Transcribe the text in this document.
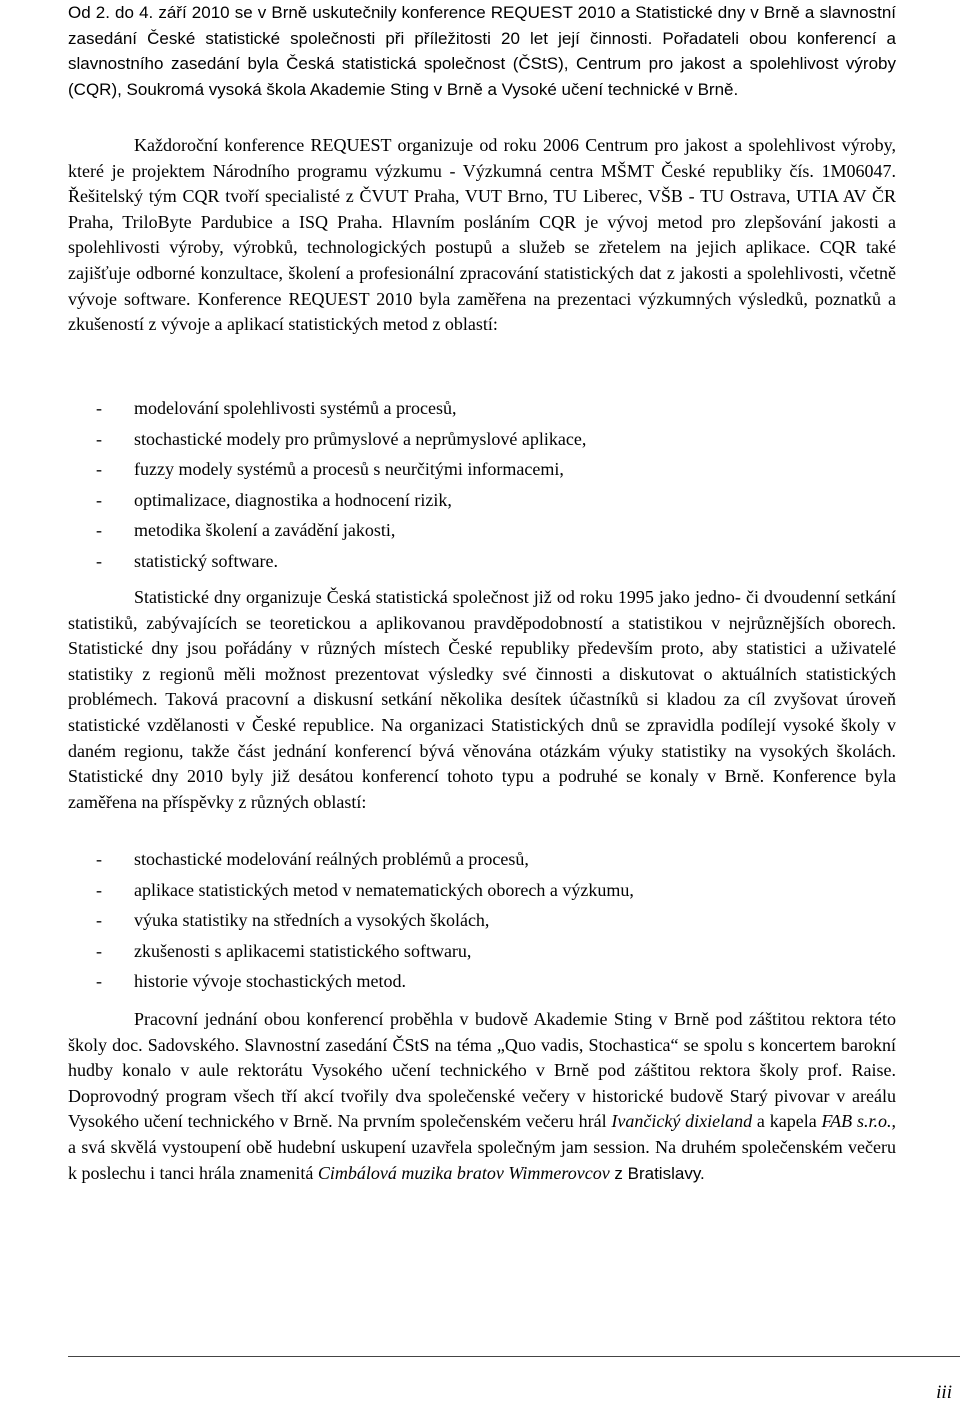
Od 2. do 4. září 2010 se v Brně uskutečnily konference REQUEST 2010 a Statistické dny v Brně a slavnostní zasedání České statistické společnosti při příležitosti 20 let její činnosti. Pořadateli obou konferencí a slavnostního zasedání byla Česká statistická společnost (ČStS), Centrum pro jakost a spolehlivost výroby (CQR), Soukromá vysoká škola Akademie Sting v Brně a Vysoké učení technické v Brně.

Každoroční konference REQUEST organizuje od roku 2006 Centrum pro jakost a spolehlivost výroby, které je projektem Národního programu výzkumu - Výzkumná centra MŠMT České republiky čís. 1M06047. Řešitelský tým CQR tvoří specialisté z ČVUT Praha, VUT Brno, TU Liberec, VŠB - TU Ostrava, UTIA AV ČR Praha, TriloByte Pardubice a ISQ Praha. Hlavním posláním CQR je vývoj metod pro zlepšování jakosti a spolehlivosti výroby, výrobků, technologických postupů a služeb se zřetelem na jejich aplikace. CQR také zajišťuje odborné konzultace, školení a profesionální zpracování statistických dat z jakosti a spolehlivosti, včetně vývoje software. Konference REQUEST 2010 byla zaměřena na prezentaci výzkumných výsledků, poznatků a zkušeností z vývoje a aplikací statistických metod z oblastí:

- modelování spolehlivosti systémů a procesů,
- stochastické modely pro průmyslové a neprůmyslové aplikace,
- fuzzy modely systémů a procesů s neurčitými informacemi,
- optimalizace, diagnostika a hodnocení rizik,
- metodika školení a zavádění jakosti,
- statistický software.

Statistické dny organizuje Česká statistická společnost již od roku 1995 jako jedno- či dvoudenní setkání statistiků, zabývajících se teoretickou a aplikovanou pravděpodobností a statistikou v nejrůznějších oborech. Statistické dny jsou pořádány v různých místech České republiky především proto, aby statistici a uživatelé statistiky z regionů měli možnost prezentovat výsledky své činnosti a diskutovat o aktuálních statistických problémech. Taková pracovní a diskusní setkání několika desítek účastníků si kladou za cíl zvyšovat úroveň statistické vzdělanosti v České republice. Na organizaci Statistických dnů se zpravidla podílejí vysoké školy v daném regionu, takže část jednání konferencí bývá věnována otázkám výuky statistiky na vysokých školách. Statistické dny 2010 byly již desátou konferencí tohoto typu a podruhé se konaly v Brně. Konference byla zaměřena na příspěvky z různých oblastí:

- stochastické modelování reálných problémů a procesů,
- aplikace statistických metod v nematematických oborech a výzkumu,
- výuka statistiky na středních a vysokých školách,
- zkušenosti s aplikacemi statistického softwaru,
- historie vývoje stochastických metod.

Pracovní jednání obou konferencí proběhla v budově Akademie Sting v Brně pod záštitou rektora této školy doc. Sadovského. Slavnostní zasedání ČStS na téma „Quo vadis, Stochastica“ se spolu s koncertem barokní hudby konalo v aule rektorátu Vysokého učení technického v Brně pod záštitou rektora školy prof. Raise. Doprovodný program všech tří akcí tvořily dva společenské večery v historické budově Starý pivovar v areálu Vysokého učení technického v Brně. Na prvním společenském večeru hrál Ivančický dixieland a kapela FAB s.r.o., a svá skvělá vystoupení obě hudební uskupení uzavřela společným jam session. Na druhém společenském večeru k poslechu i tanci hrála znamenitá Cimbálová muzika bratov Wimmerovcov z Bratislavy.

iii
